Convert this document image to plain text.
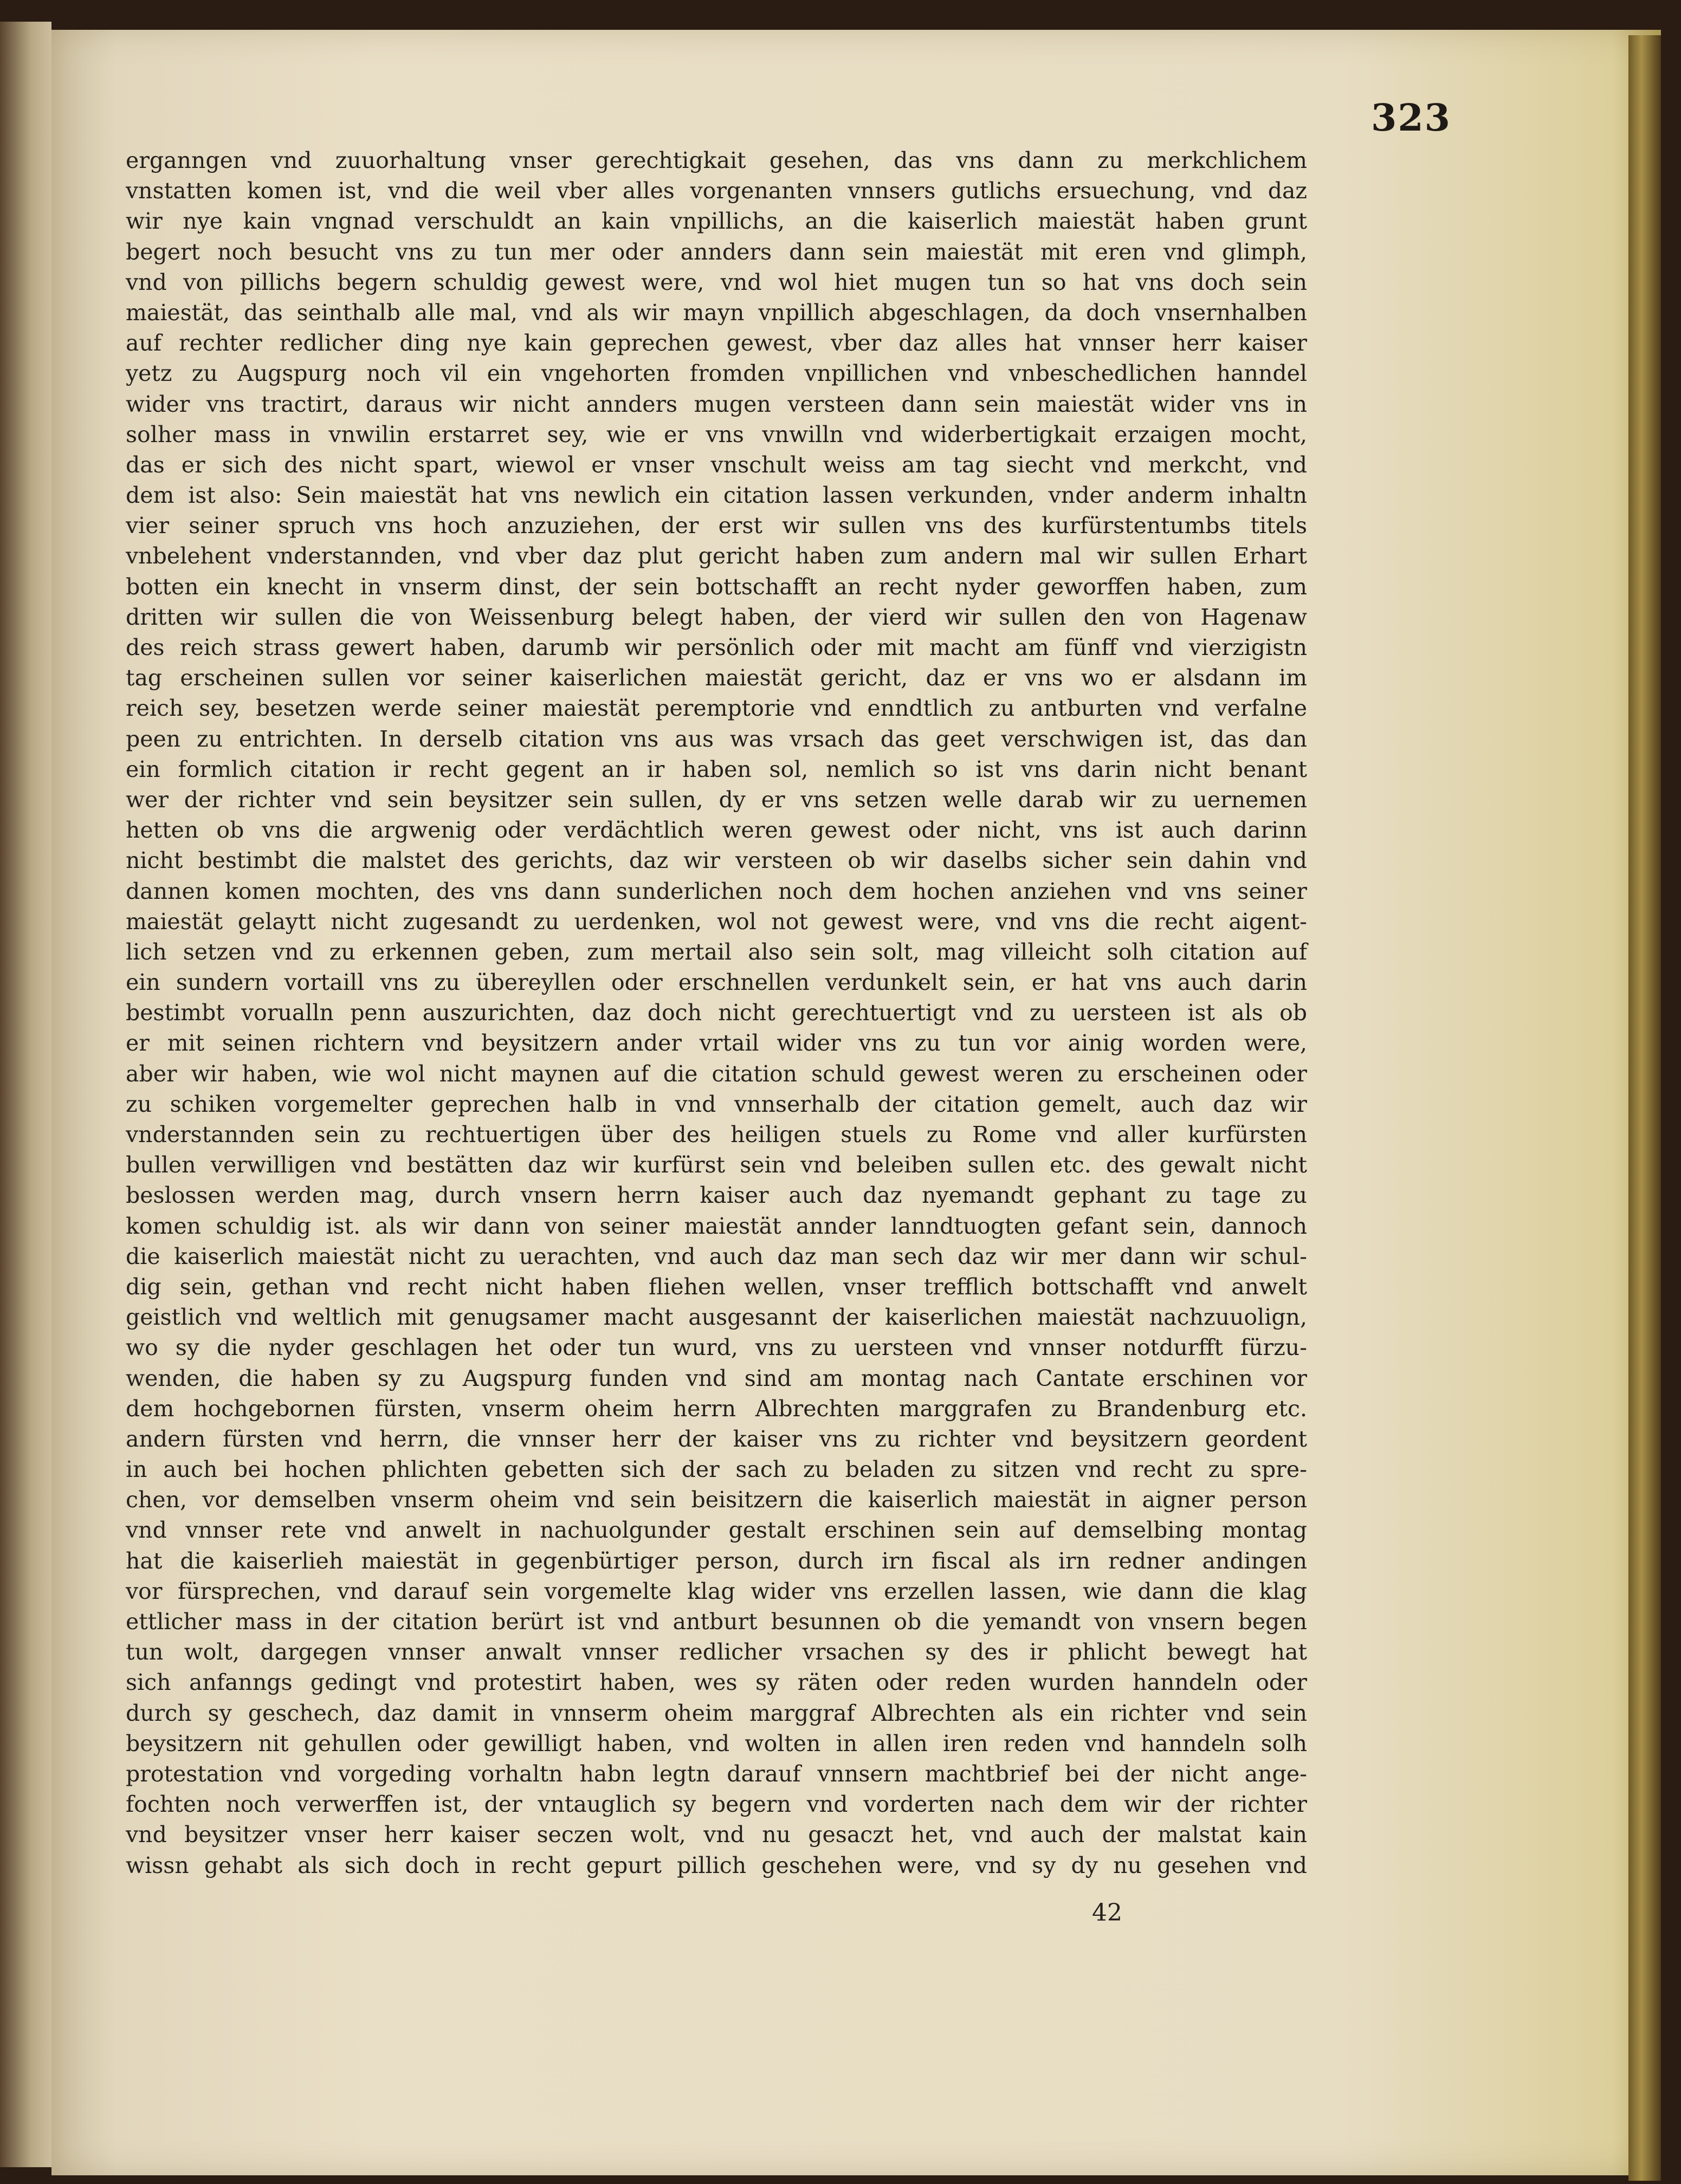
323
erganngen vnd zuuorhaltung vnser gerechtigkait gesehen, das vns dann zu merkchlichem
vnstatten komen ist, vnd die weil vber alles vorgenanten vnnsers gutlichs ersuechung, vnd daz
wir nye kain vngnad verschuldt an kain vnpillichs, an die kaiserlich maiestät haben grunt
begert noch besucht vns zu tun mer oder annders dann sein maiestät mit eren vnd glimph,
vnd von pillichs begern schuldig gewest were, vnd wol hiet mugen tun so hat vns doch sein
maiestät, das seinthalb alle mal, vnd als wir mayn vnpillich abgeschlagen, da doch vnsernhalben
auf rechter redlicher ding nye kain geprechen gewest, vber daz alles hat vnnser herr kaiser
yetz zu Augspurg noch vil ein vngehorten fromden vnpillichen vnd vnbeschedlichen hanndel
wider vns tractirt, daraus wir nicht annders mugen versteen dann sein maiestät wider vns in
solher mass in vnwilin erstarret sey, wie er vns vnwilln vnd widerbertigkait erzaigen mocht,
das er sich des nicht spart, wiewol er vnser vnschult weiss am tag siecht vnd merkcht, vnd
dem ist also: Sein maiestät hat vns newlich ein citation lassen verkunden, vnder anderm inhaltn
vier seiner spruch vns hoch anzuziehen, der erst wir sullen vns des kurfürstentumbs titels
vnbelehent vnderstannden, vnd vber daz plut gericht haben zum andern mal wir sullen Erhart
botten ein knecht in vnserm dinst, der sein bottschafft an recht nyder geworffen haben, zum
dritten wir sullen die von Weissenburg belegt haben, der vierd wir sullen den von Hagenaw
des reich strass gewert haben, darumb wir persönlich oder mit macht am fünff vnd vierzigistn
tag erscheinen sullen vor seiner kaiserlichen maiestät gericht, daz er vns wo er alsdann im
reich sey, besetzen werde seiner maiestät peremptorie vnd enndtlich zu antburten vnd verfalne
peen zu entrichten. In derselb citation vns aus was vrsach das geet verschwigen ist, das dan
ein formlich citation ir recht gegent an ir haben sol, nemlich so ist vns darin nicht benant
wer der richter vnd sein beysitzer sein sullen, dy er vns setzen welle darab wir zu uernemen
hetten ob vns die argwenig oder verdächtlich weren gewest oder nicht, vns ist auch darinn
nicht bestimbt die malstet des gerichts, daz wir versteen ob wir daselbs sicher sein dahin vnd
dannen komen mochten, des vns dann sunderlichen noch dem hochen anziehen vnd vns seiner
maiestät gelaytt nicht zugesandt zu uerdenken, wol not gewest were, vnd vns die recht aigent-
lich setzen vnd zu erkennen geben, zum mertail also sein solt, mag villeicht solh citation auf
ein sundern vortaill vns zu übereyllen oder erschnellen verdunkelt sein, er hat vns auch darin
bestimbt vorualln penn auszurichten, daz doch nicht gerechtuertigt vnd zu uersteen ist als ob
er mit seinen richtern vnd beysitzern ander vrtail wider vns zu tun vor ainig worden were,
aber wir haben, wie wol nicht maynen auf die citation schuld gewest weren zu erscheinen oder
zu schiken vorgemelter geprechen halb in vnd vnnserhalb der citation gemelt, auch daz wir
vnderstannden sein zu rechtuertigen über des heiligen stuels zu Rome vnd aller kurfürsten
bullen verwilligen vnd bestätten daz wir kurfürst sein vnd beleiben sullen etc. des gewalt nicht
beslossen werden mag, durch vnsern herrn kaiser auch daz nyemandt gephant zu tage zu
komen schuldig ist. als wir dann von seiner maiestät annder lanndtuogten gefant sein, dannoch
die kaiserlich maiestät nicht zu uerachten, vnd auch daz man sech daz wir mer dann wir schul-
dig sein, gethan vnd recht nicht haben fliehen wellen, vnser trefflich bottschafft vnd anwelt
geistlich vnd weltlich mit genugsamer macht ausgesannt der kaiserlichen maiestät nachzuuolign,
wo sy die nyder geschlagen het oder tun wurd, vns zu uersteen vnd vnnser notdurfft fürzu-
wenden, die haben sy zu Augspurg funden vnd sind am montag nach Cantate erschinen vor
dem hochgebornen fürsten, vnserm oheim herrn Albrechten marggrafen zu Brandenburg etc.
andern fürsten vnd herrn, die vnnser herr der kaiser vns zu richter vnd beysitzern geordent
in auch bei hochen phlichten gebetten sich der sach zu beladen zu sitzen vnd recht zu spre-
chen, vor demselben vnserm oheim vnd sein beisitzern die kaiserlich maiestät in aigner person
vnd vnnser rete vnd anwelt in nachuolgunder gestalt erschinen sein auf demselbing montag
hat die kaiserlieh maiestät in gegenbürtiger person, durch irn fiscal als irn redner andingen
vor fürsprechen, vnd darauf sein vorgemelte klag wider vns erzellen lassen, wie dann die klag
ettlicher mass in der citation berürt ist vnd antburt besunnen ob die yemandt von vnsern begen
tun wolt, dargegen vnnser anwalt vnnser redlicher vrsachen sy des ir phlicht bewegt hat
sich anfanngs gedingt vnd protestirt haben, wes sy räten oder reden wurden hanndeln oder
durch sy geschech, daz damit in vnnserm oheim marggraf Albrechten als ein richter vnd sein
beysitzern nit gehullen oder gewilligt haben, vnd wolten in allen iren reden vnd hanndeln solh
protestation vnd vorgeding vorhaltn habn legtn darauf vnnsern machtbrief bei der nicht ange-
fochten noch verwerffen ist, der vntauglich sy begern vnd vorderten nach dem wir der richter
vnd beysitzer vnser herr kaiser seczen wolt, vnd nu gesaczt het, vnd auch der malstat kain
wissn gehabt als sich doch in recht gepurt pillich geschehen were, vnd sy dy nu gesehen vnd
42
